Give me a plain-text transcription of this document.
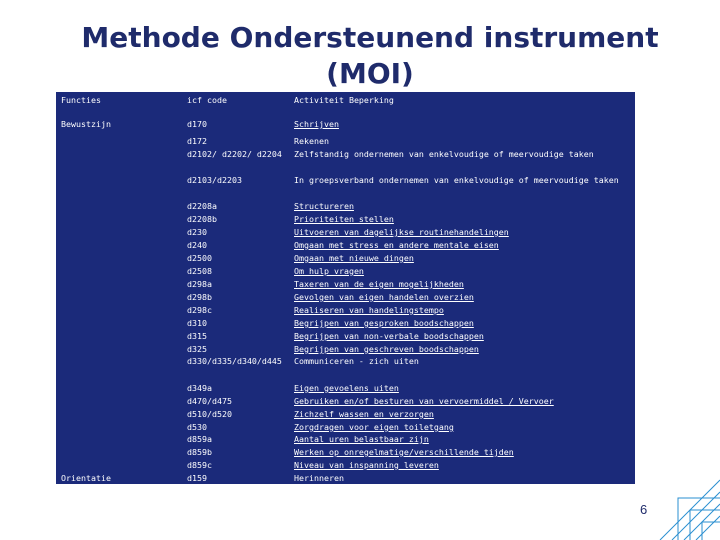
Methode Ondersteunend instrument (MOI)
Functies	icf code	Activiteit Beperking
Bewustzijn	d170	Schrijven
d172	Rekenen
d2102/ d2202/ d2204 Zelfstandig ondernemen van enkelvoudige of meervoudige taken
d2103/d2203	In groepsverband ondernemen van enkelvoudige of meervoudige taken
d2208a	Structureren
d2208b	Prioriteiten stellen
d230	Uitvoeren van dagelijkse routinehandelingen
d240	Omgaan met stress en andere mentale eisen
d2500	Omgaan met nieuwe dingen
d2508	Om hulp vragen
d298a	Taxeren van de eigen mogelijkheden
d298b	Gevolgen van eigen handelen overzien
d298c	Realiseren van handelingstempo
d310	Begrijpen van gesproken boodschappen
d315	Begrijpen van non-verbale boodschappen
d325	Begrijpen van geschreven boodschappen
d330/d335/d340/d445 Communiceren - zich uiten
d349a	Eigen gevoelens uiten
d470/d475	Gebruiken en/of besturen van vervoermiddel / Vervoer
d510/d520	Zichzelf wassen en verzorgen
d530	Zorgdragen voor eigen toiletgang
d859a	Aantal uren belastbaar zijn
d859b	Werken op onregelmatige/verschillende tijden
d859c	Niveau van inspanning leveren
Orientatie	d159	Herinneren
6
